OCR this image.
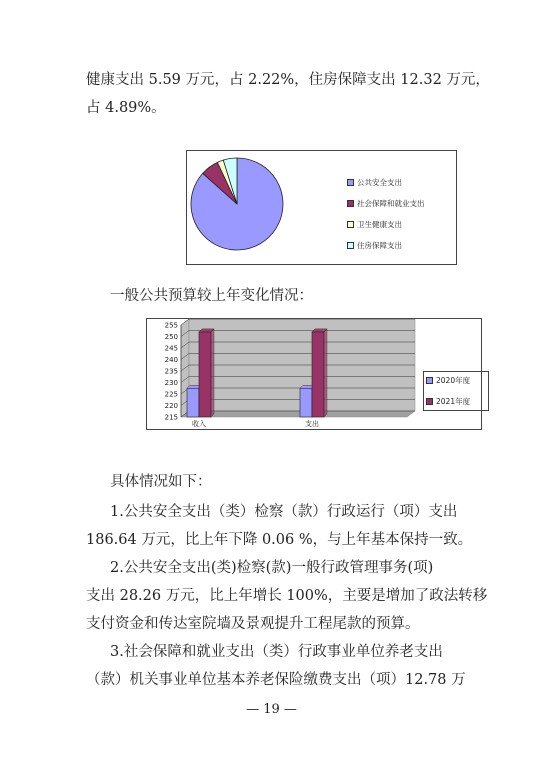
健康支出 5.59 万元，占 2.22%，住房保障支出 12.32 万元，
占 4.89%。
公共安全支出
社会保障和就业支出
卫生健康支出
住房保障支出
一般公共预算较上年变化情况：
215
220
225
230
235
240
245
250
255
收入	支出
2020年度
2021年度
具体情况如下：
1.公共安全支出（类）检察（款）行政运行（项）支出
186.64 万元，比上年下降 0.06 %，与上年基本保持一致。
2.公共安全支出(类)检察(款)一般行政管理事务(项)
支出 28.26 万元，比上年增长 100%，主要是增加了政法转移
支付资金和传达室院墙及景观提升工程尾款的预算。
3.社会保障和就业支出（类）行政事业单位养老支出
（款）机关事业单位基本养老保险缴费支出（项）12.78 万
— 19 —
